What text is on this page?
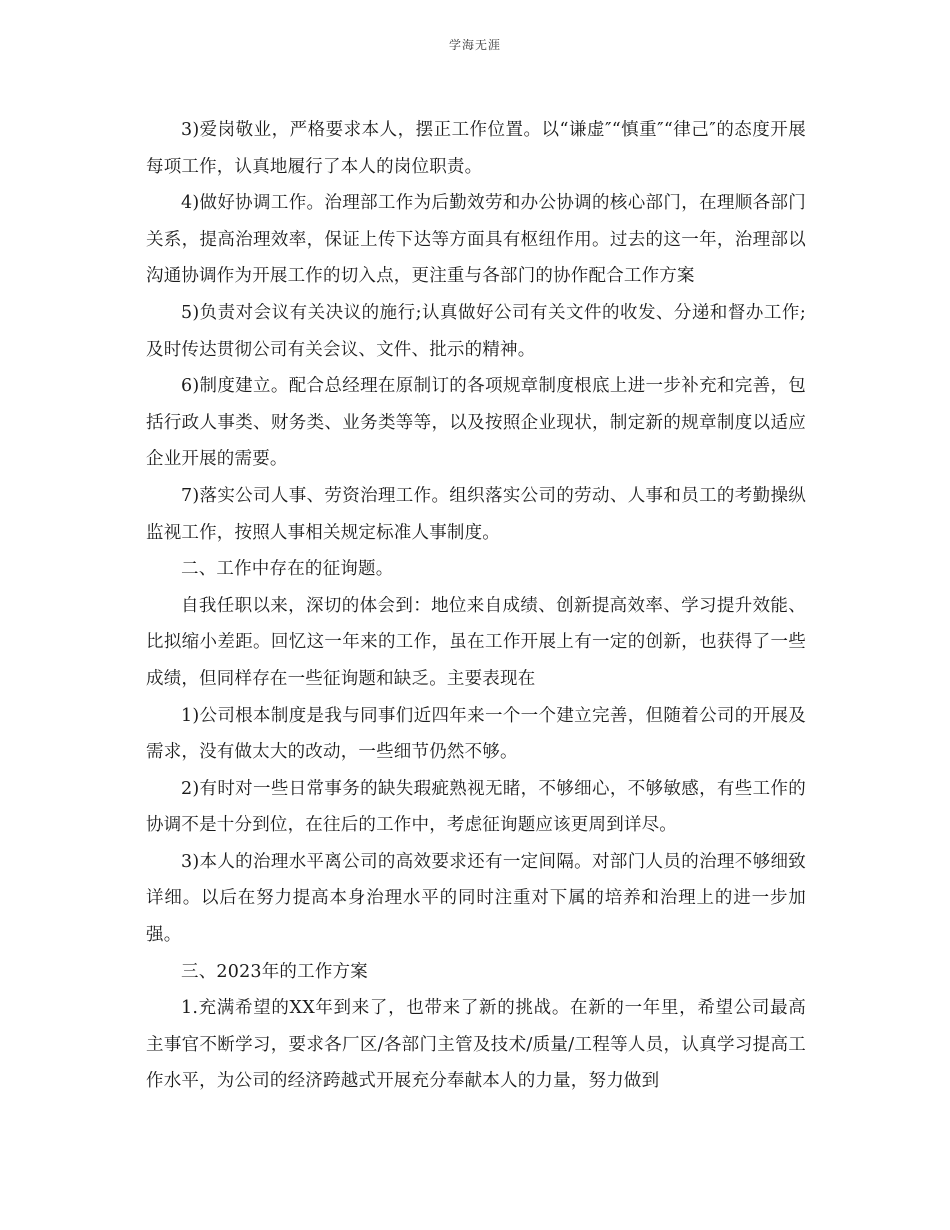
学海无涯

3)爱岗敬业，严格要求本人，摆正工作位置。以“谦虚″“慎重″“律己″的态度开展每项工作，认真地履行了本人的岗位职责。

4)做好协调工作。治理部工作为后勤效劳和办公协调的核心部门，在理顺各部门关系，提高治理效率，保证上传下达等方面具有枢纽作用。过去的这一年，治理部以沟通协调作为开展工作的切入点，更注重与各部门的协作配合工作方案

5)负责对会议有关决议的施行;认真做好公司有关文件的收发、分递和督办工作;及时传达贯彻公司有关会议、文件、批示的精神。

6)制度建立。配合总经理在原制订的各项规章制度根底上进一步补充和完善，包括行政人事类、财务类、业务类等等，以及按照企业现状，制定新的规章制度以适应企业开展的需要。

7)落实公司人事、劳资治理工作。组织落实公司的劳动、人事和员工的考勤操纵监视工作，按照人事相关规定标准人事制度。

二、工作中存在的征询题。

自我任职以来，深切的体会到：地位来自成绩、创新提高效率、学习提升效能、比拟缩小差距。回忆这一年来的工作，虽在工作开展上有一定的创新，也获得了一些成绩，但同样存在一些征询题和缺乏。主要表现在

1)公司根本制度是我与同事们近四年来一个一个建立完善，但随着公司的开展及需求，没有做太大的改动，一些细节仍然不够。

2)有时对一些日常事务的缺失瑕疵熟视无睹，不够细心，不够敏感，有些工作的协调不是十分到位，在往后的工作中，考虑征询题应该更周到详尽。

3)本人的治理水平离公司的高效要求还有一定间隔。对部门人员的治理不够细致详细。以后在努力提高本身治理水平的同时注重对下属的培养和治理上的进一步加强。

三、2023年的工作方案

1.充满希望的XX年到来了，也带来了新的挑战。在新的一年里，希望公司最高主事官不断学习，要求各厂区/各部门主管及技术/质量/工程等人员，认真学习提高工作水平，为公司的经济跨越式开展充分奉献本人的力量，努力做到
